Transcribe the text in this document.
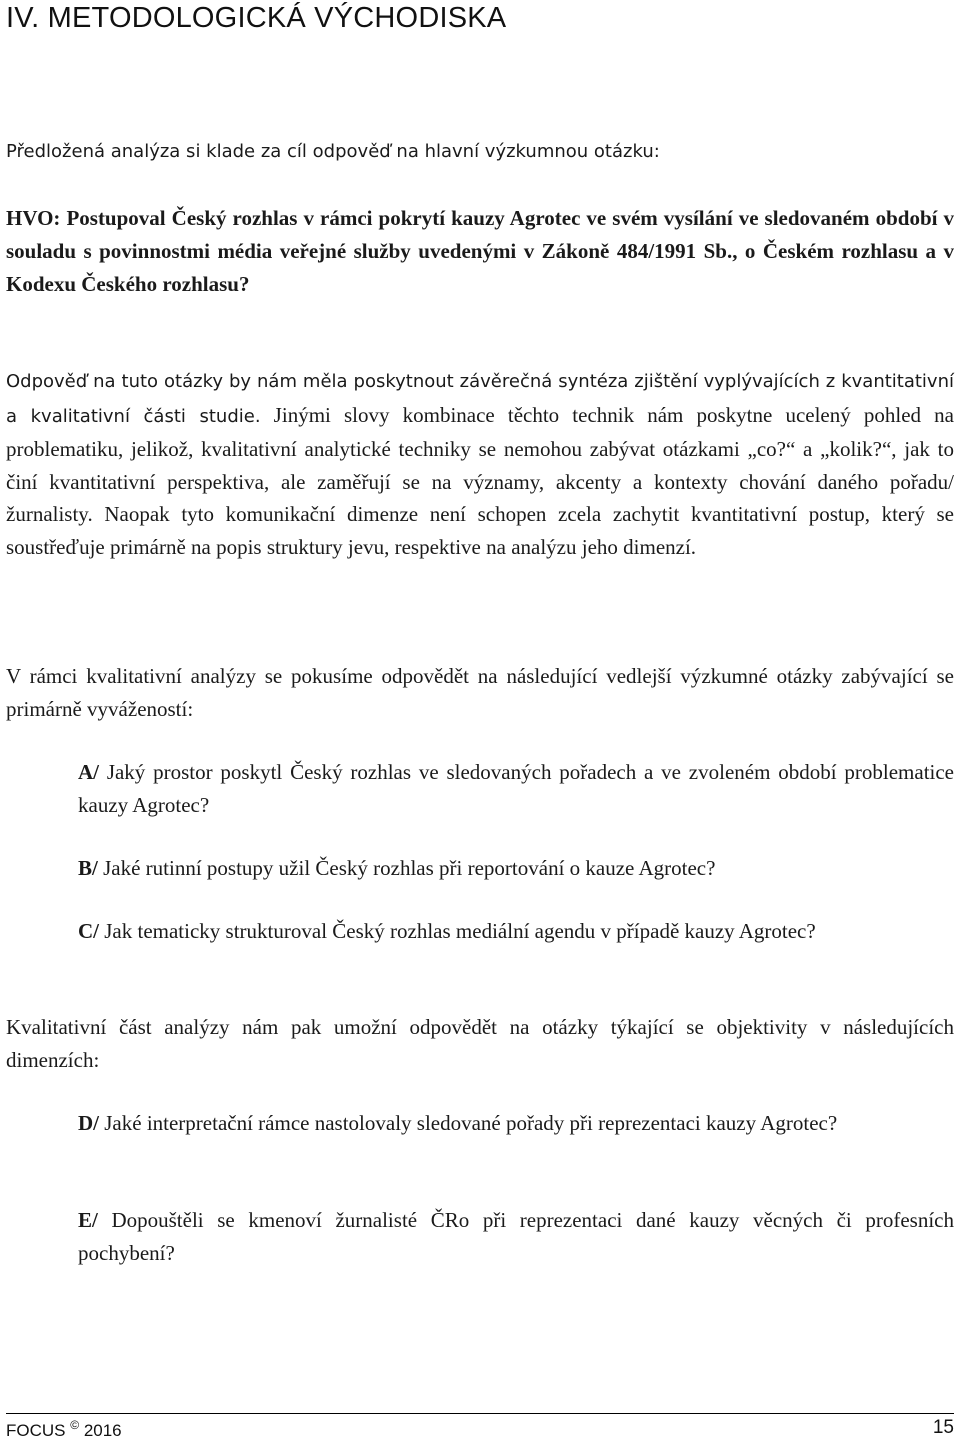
IV. METODOLOGICKÁ VÝCHODISKA

Předložená analýza si klade za cíl odpověď na hlavní výzkumnou otázku:

HVO: Postupoval Český rozhlas v rámci pokrytí kauzy Agrotec ve svém vysílání ve sledovaném období v souladu s povinnostmi média veřejné služby uvedenými v Zákoně 484/1991 Sb., o Českém rozhlasu a v Kodexu Českého rozhlasu?

Odpověď na tuto otázky by nám měla poskytnout závěrečná syntéza zjištění vyplývajících z kvantitativní a kvalitativní části studie. Jinými slovy kombinace těchto technik nám poskytne ucelený pohled na problematiku, jelikož, kvalitativní analytické techniky se nemohou zabývat otázkami „co?“ a „kolik?“, jak to činí kvantitativní perspektiva, ale zaměřují se na významy, akcenty a kontexty chování daného pořadu/žurnalisty. Naopak tyto komunikační dimenze není schopen zcela zachytit kvantitativní postup, který se soustřeďuje primárně na popis struktury jevu, respektive na analýzu jeho dimenzí.

V rámci kvalitativní analýzy se pokusíme odpovědět na následující vedlejší výzkumné otázky zabývající se primárně vyvážeností:

A/ Jaký prostor poskytl Český rozhlas ve sledovaných pořadech a ve zvoleném období problematice kauzy Agrotec?

B/ Jaké rutinní postupy užil Český rozhlas při reportování o kauze Agrotec?

C/ Jak tematicky strukturoval Český rozhlas mediální agendu v případě kauzy Agrotec?

Kvalitativní část analýzy nám pak umožní odpovědět na otázky týkající se objektivity v následujících dimenzích:

D/ Jaké interpretační rámce nastolovaly sledované pořady při reprezentaci kauzy Agrotec?

E/ Dopouštěli se kmenoví žurnalisté ČRo při reprezentaci dané kauzy věcných či profesních pochybení?

FOCUS © 2016	15
